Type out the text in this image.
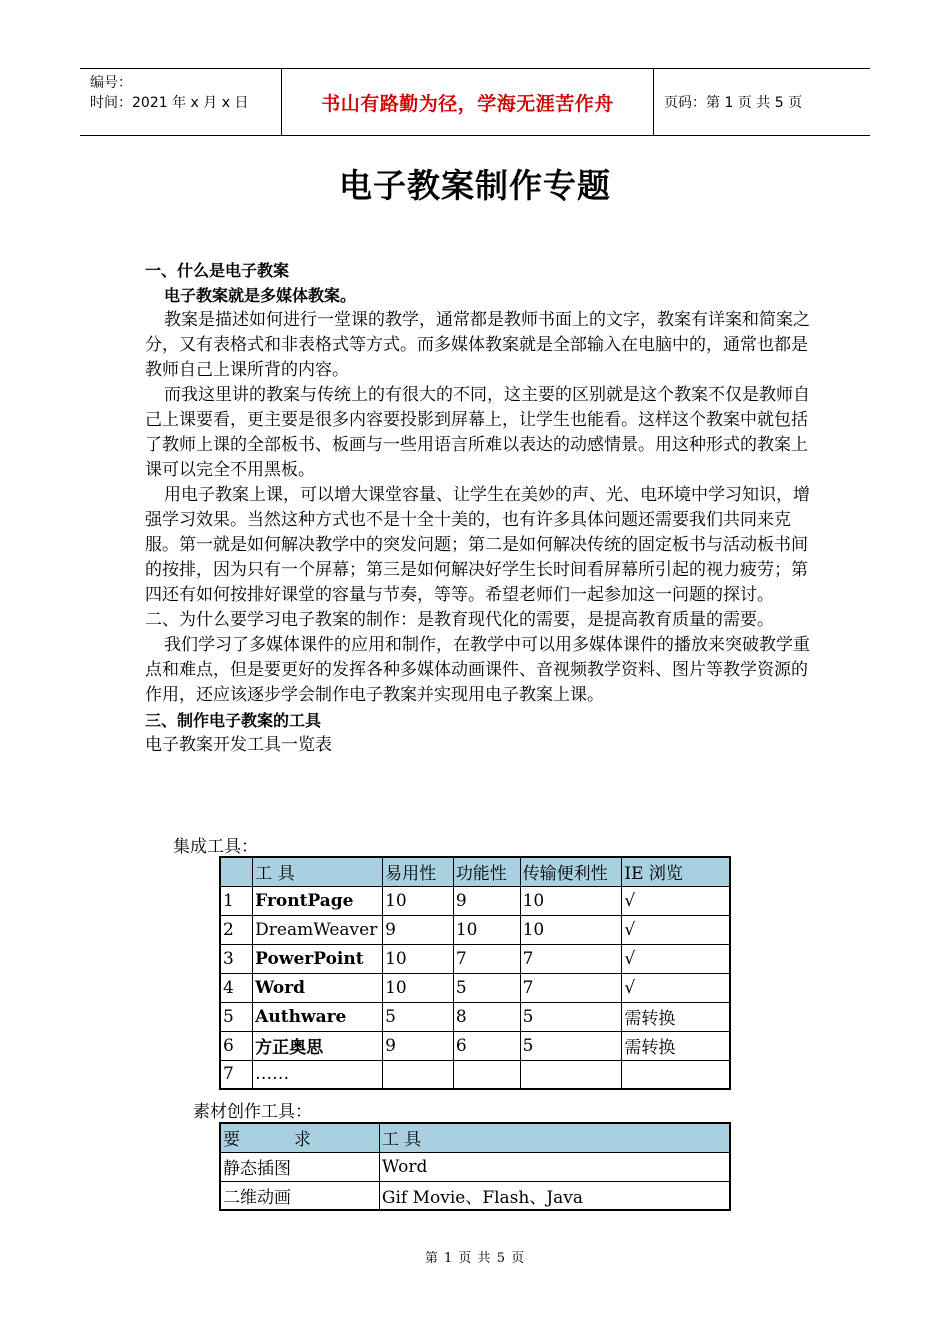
编号：
时间：2021 年 x 月 x 日	书山有路勤为径，学海无涯苦作舟	页码：第 1 页 共 5 页
电子教案制作专题

一、什么是电子教案

电子教案就是多媒体教案。

教案是描述如何进行一堂课的教学，通常都是教师书面上的文字，教案有详案和简案之分，又有表格式和非表格式等方式。而多媒体教案就是全部输入在电脑中的，通常也都是教师自己上课所背的内容。

而我这里讲的教案与传统上的有很大的不同，这主要的区别就是这个教案不仅是教师自己上课要看，更主要是很多内容要投影到屏幕上，让学生也能看。这样这个教案中就包括了教师上课的全部板书、板画与一些用语言所难以表达的动感情景。用这种形式的教案上课可以完全不用黑板。

用电子教案上课，可以增大课堂容量、让学生在美妙的声、光、电环境中学习知识，增强学习效果。当然这种方式也不是十全十美的，也有许多具体问题还需要我们共同来克服。第一就是如何解决教学中的突发问题；第二是如何解决传统的固定板书与活动板书间的按排，因为只有一个屏幕；第三是如何解决好学生长时间看屏幕所引起的视力疲劳；第四还有如何按排好课堂的容量与节奏，等等。希望老师们一起参加这一问题的探讨。

二、为什么要学习电子教案的制作：是教育现代化的需要，是提高教育质量的需要。

我们学习了多媒体课件的应用和制作，在教学中可以用多媒体课件的播放来突破教学重点和难点，但是要更好的发挥各种多媒体动画课件、音视频教学资料、图片等教学资源的作用，还应该逐步学会制作电子教案并实现用电子教案上课。

三、制作电子教案的工具

电子教案开发工具一览表

集成工具：
	工 具	易用性	功能性	传输便利性	IE 浏览
1	FrontPage	10	9	10	√
2	DreamWeaver	9	10	10	√
3	PowerPoint	10	7	7	√
4	Word	10	5	7	√
5	Authware	5	8	5	需转换
6	方正奥思	9	6	5	需转换
7	……				
素材创作工具：
要          求	工 具
静态插图	Word
二维动画	Gif Movie、Flash、Java
第 1 页 共 5 页
